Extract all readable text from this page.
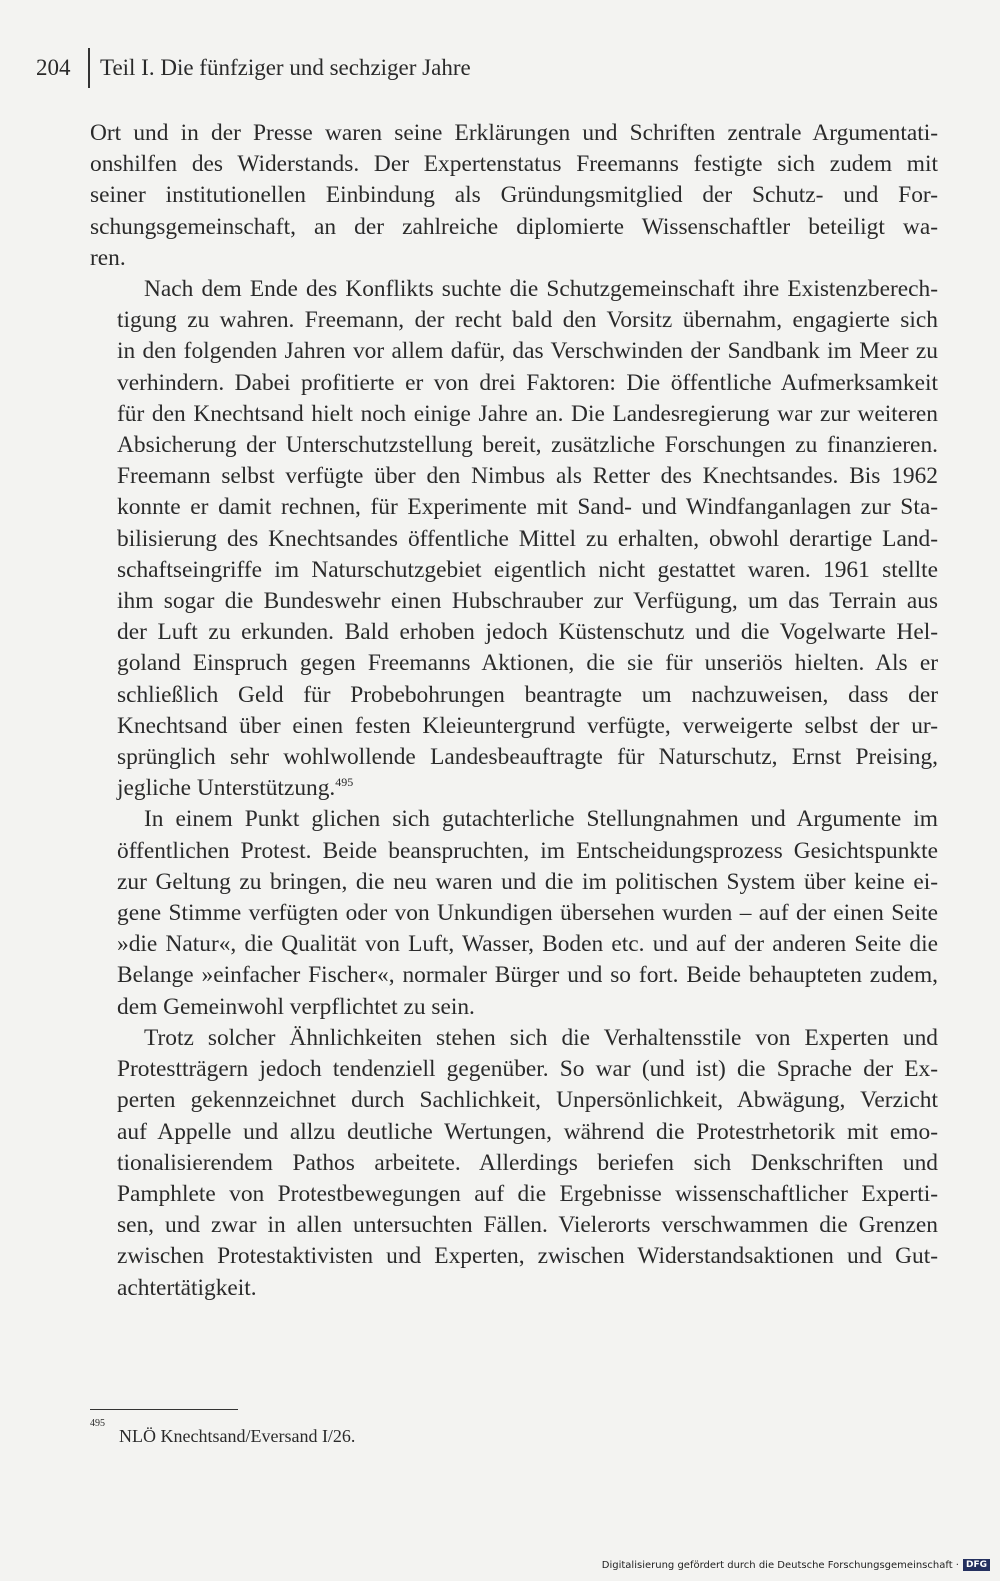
204	Teil I. Die fünfziger und sechziger Jahre
Ort und in der Presse waren seine Erklärungen und Schriften zentrale Argumentati-
onshilfen des Widerstands. Der Expertenstatus Freemanns festigte sich zudem mit
seiner institutionellen Einbindung als Gründungsmitglied der Schutz- und For-
schungsgemeinschaft, an der zahlreiche diplomierte Wissenschaftler beteiligt wa-
ren.
Nach dem Ende des Konflikts suchte die Schutzgemeinschaft ihre Existenzberech-
tigung zu wahren. Freemann, der recht bald den Vorsitz übernahm, engagierte sich
in den folgenden Jahren vor allem dafür, das Verschwinden der Sandbank im Meer zu
verhindern. Dabei profitierte er von drei Faktoren: Die öffentliche Aufmerksamkeit
für den Knechtsand hielt noch einige Jahre an. Die Landesregierung war zur weiteren
Absicherung der Unterschutzstellung bereit, zusätzliche Forschungen zu finanzieren.
Freemann selbst verfügte über den Nimbus als Retter des Knechtsandes. Bis 1962
konnte er damit rechnen, für Experimente mit Sand- und Windfanganlagen zur Sta-
bilisierung des Knechtsandes öffentliche Mittel zu erhalten, obwohl derartige Land-
schaftseingriffe im Naturschutzgebiet eigentlich nicht gestattet waren. 1961 stellte
ihm sogar die Bundeswehr einen Hubschrauber zur Verfügung, um das Terrain aus
der Luft zu erkunden. Bald erhoben jedoch Küstenschutz und die Vogelwarte Hel-
goland Einspruch gegen Freemanns Aktionen, die sie für unseriös hielten. Als er
schließlich Geld für Probebohrungen beantragte um nachzuweisen, dass der
Knechtsand über einen festen Kleieuntergrund verfügte, verweigerte selbst der ur-
sprünglich sehr wohlwollende Landesbeauftragte für Naturschutz, Ernst Preising,
jegliche Unterstützung.$^{495}$
In einem Punkt glichen sich gutachterliche Stellungnahmen und Argumente im
öffentlichen Protest. Beide beanspruchten, im Entscheidungsprozess Gesichtspunkte
zur Geltung zu bringen, die neu waren und die im politischen System über keine ei-
gene Stimme verfügten oder von Unkundigen übersehen wurden – auf der einen Seite
»die Natur«, die Qualität von Luft, Wasser, Boden etc. und auf der anderen Seite die
Belange »einfacher Fischer«, normaler Bürger und so fort. Beide behaupteten zudem,
dem Gemeinwohl verpflichtet zu sein.
Trotz solcher Ähnlichkeiten stehen sich die Verhaltensstile von Experten und
Protestträgern jedoch tendenziell gegenüber. So war (und ist) die Sprache der Ex-
perten gekennzeichnet durch Sachlichkeit, Unpersönlichkeit, Abwägung, Verzicht
auf Appelle und allzu deutliche Wertungen, während die Protestrhetorik mit emo-
tionalisierendem Pathos arbeitete. Allerdings beriefen sich Denkschriften und
Pamphlete von Protestbewegungen auf die Ergebnisse wissenschaftlicher Experti-
sen, und zwar in allen untersuchten Fällen. Vielerorts verschwammen die Grenzen
zwischen Protestaktivisten und Experten, zwischen Widerstandsaktionen und Gut-
achtertätigkeit.
495
NLÖ Knechtsand/Eversand I/26.
Digitalisierung gefördert durch die Deutsche Forschungsgemeinschaft · DFG
